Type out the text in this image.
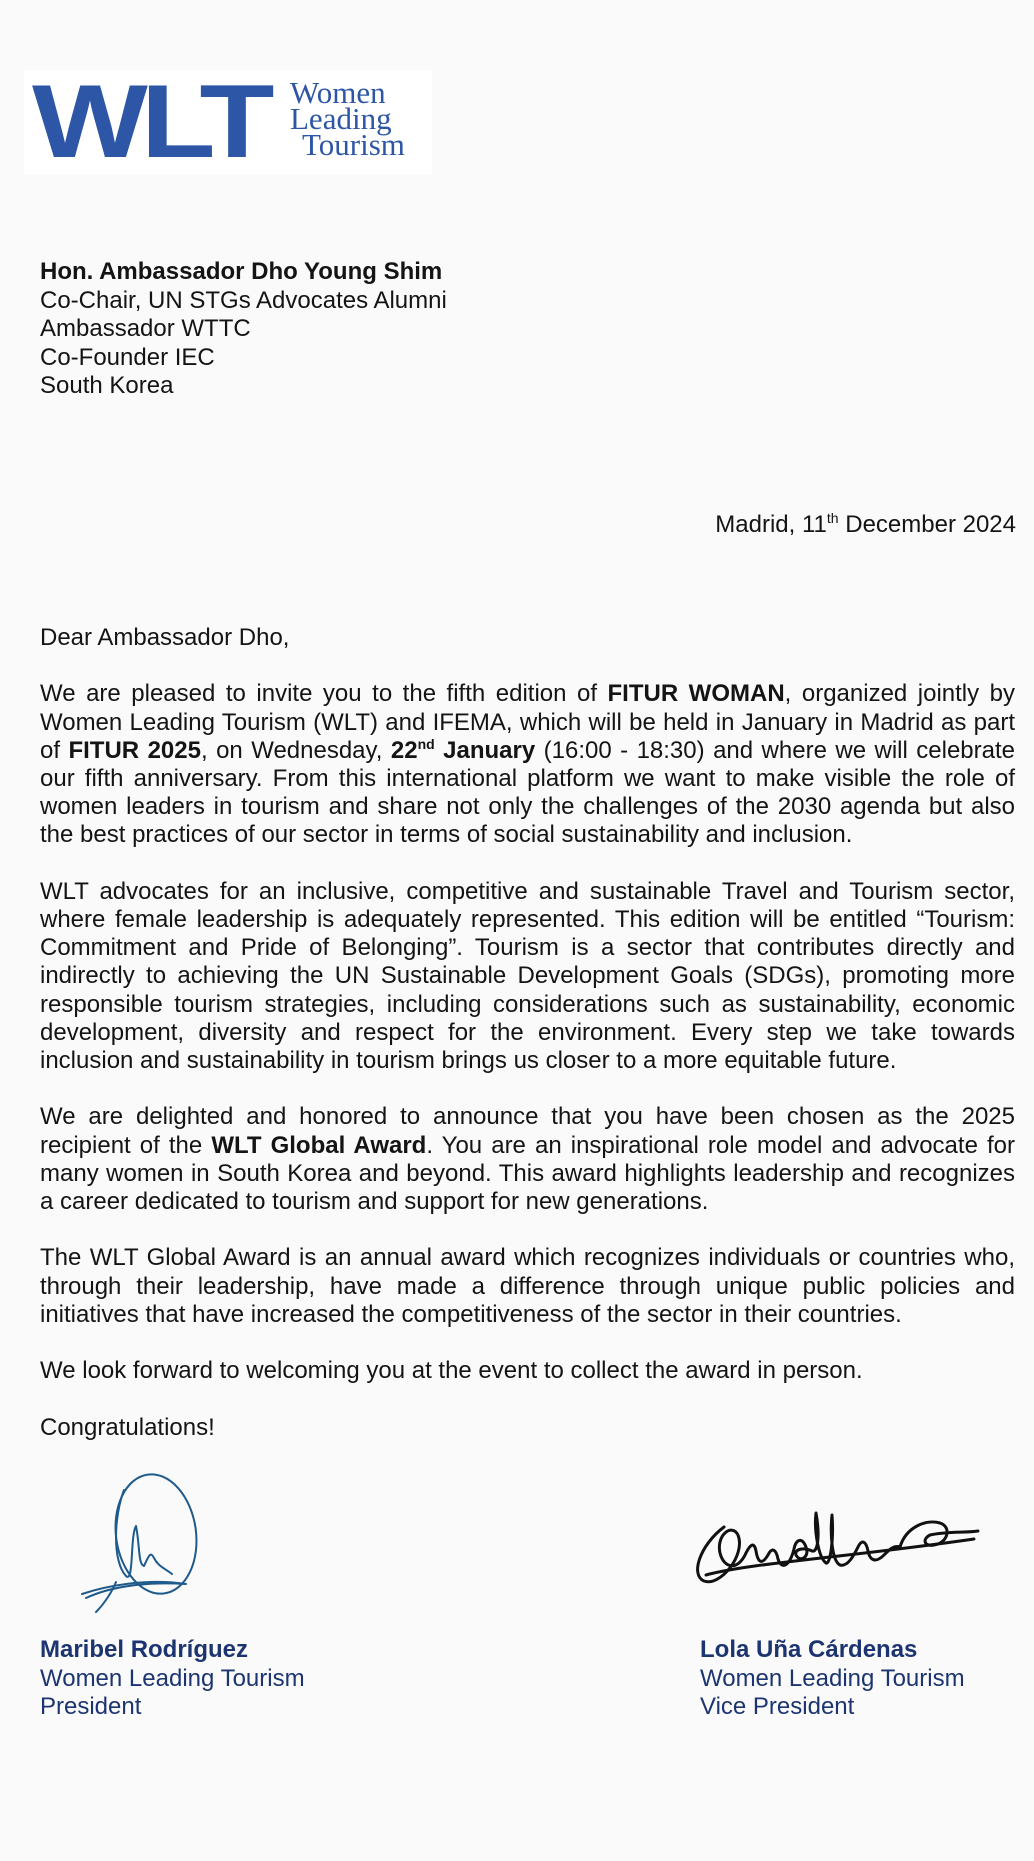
WLT Women
Leading
Tourism
Hon. Ambassador Dho Young Shim
Co-Chair, UN STGs Advocates Alumni
Ambassador WTTC
Co-Founder IEC
South Korea
Madrid, 11th December 2024

Dear Ambassador Dho,

We are pleased to invite you to the fifth edition of FITUR WOMAN, organized jointly by Women Leading Tourism (WLT) and IFEMA, which will be held in January in Madrid as part of FITUR 2025, on Wednesday, 22nd January (16:00 - 18:30) and where we will celebrate our fifth anniversary. From this international platform we want to make visible the role of women leaders in tourism and share not only the challenges of the 2030 agenda but also the best practices of our sector in terms of social sustainability and inclusion.

WLT advocates for an inclusive, competitive and sustainable Travel and Tourism sector, where female leadership is adequately represented. This edition will be entitled “Tourism: Commitment and Pride of Belonging”. Tourism is a sector that contributes directly and indirectly to achieving the UN Sustainable Development Goals (SDGs), promoting more responsible tourism strategies, including considerations such as sustainability, economic development, diversity and respect for the environment. Every step we take towards inclusion and sustainability in tourism brings us closer to a more equitable future.

We are delighted and honored to announce that you have been chosen as the 2025 recipient of the WLT Global Award. You are an inspirational role model and advocate for many women in South Korea and beyond. This award highlights leadership and recognizes a career dedicated to tourism and support for new generations.

The WLT Global Award is an annual award which recognizes individuals or countries who, through their leadership, have made a difference through unique public policies and initiatives that have increased the competitiveness of the sector in their countries.

We look forward to welcoming you at the event to collect the award in person.

Congratulations!

Maribel Rodríguez
Women Leading Tourism
President
Lola Uña Cárdenas
Women Leading Tourism
Vice President
